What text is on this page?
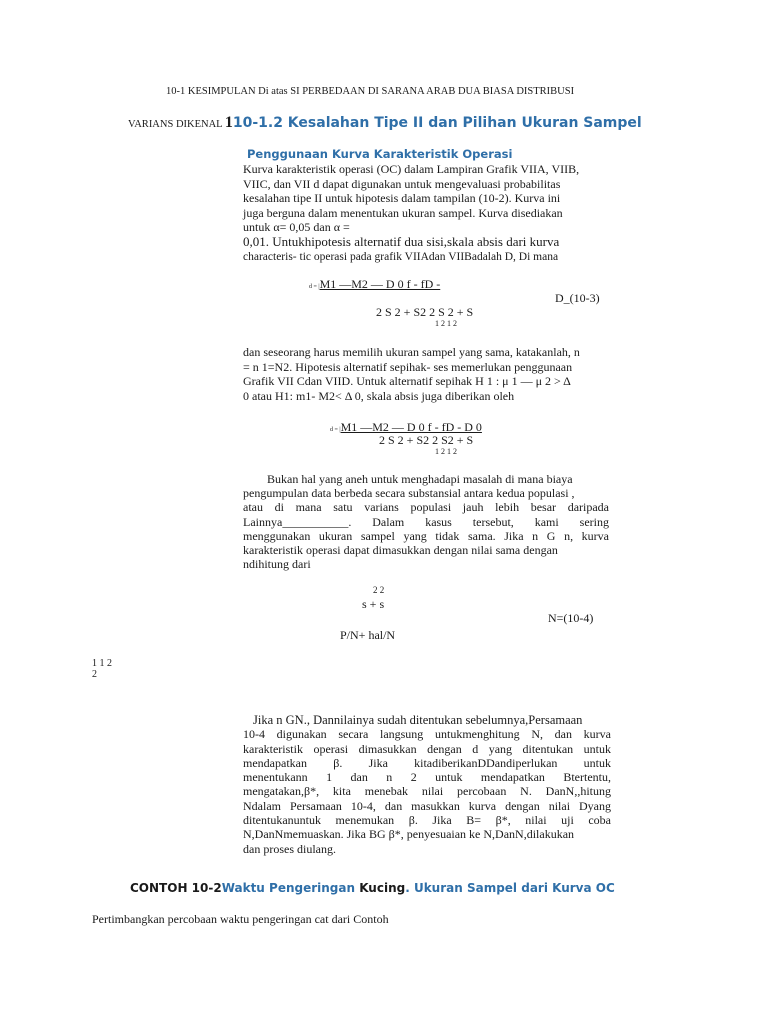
10-1 KESIMPULAN Di atas SI PERBEDAAN DI SARANA ARAB DUA BIASA DISTRIBUSI
VARIANS DIKENAL 110-1.2 Kesalahan Tipe II dan Pilihan Ukuran Sampel
Penggunaan Kurva Karakteristik Operasi
Kurva karakteristik operasi (OC) dalam Lampiran Grafik VIIA, VIIB,
VIIC, dan VII d dapat digunakan untuk mengevaluasi probabilitas
kesalahan tipe II untuk hipotesis dalam tampilan (10-2). Kurva ini
juga berguna dalam menentukan ukuran sampel. Kurva disediakan
untuk α= 0,05 dan α =
0,01. Untukhipotesis alternatif dua sisi,skala absis dari kurva
characteris- tic operasi pada grafik VIIAdan VIIBadalah D, Di mana
d = |M1 —M2 — D 0 f - fD -
D_(10-3)
2 S 2 + S2 2 S 2 + S
1 2 1 2
dan seseorang harus memilih ukuran sampel yang sama, katakanlah, n
= n 1=N2. Hipotesis alternatif sepihak- ses memerlukan penggunaan
Grafik VII Cdan VIID. Untuk alternatif sepihak H 1 : μ 1 — μ 2 > Δ
0 atau H1: m1- M2< Δ 0, skala absis juga diberikan oleh
d = |M1 —M2 — D 0 f - fD - D 0
2 S 2 + S2 2 S2 + S
1 2 1 2
Bukan hal yang aneh untuk menghadapi masalah di mana biaya
pengumpulan data berbeda secara substansial antara kedua populasi ,
atau di mana satu varians populasi jauh lebih besar daripada
Lainnya___________. Dalam kasus tersebut, kami sering
menggunakan ukuran sampel yang tidak sama. Jika n G n, kurva
karakteristik operasi dapat dimasukkan dengan nilai sama dengan
ndihitung dari
2 2
s + s
N=(10-4)
P/N+ hal/N
1 1 2
2
Jika n GN., Dannilainya sudah ditentukan sebelumnya,Persamaan
10-4 digunakan secara langsung untukmenghitung N, dan kurva
karakteristik operasi dimasukkan dengan d yang ditentukan untuk
mendapatkan β. Jika kitadiberikanDDandiperlukan untuk
menentukann 1 dan n 2 untuk mendapatkan Btertentu,
mengatakan,β*, kita menebak nilai percobaan N. DanN,,hitung
Ndalam Persamaan 10-4, dan masukkan kurva dengan nilai Dyang
ditentukanuntuk menemukan β. Jika B= β*, nilai uji coba
N,DanNmemuaskan. Jika BG β*, penyesuaian ke N,DanN,dilakukan
dan proses diulang.
CONTOH 10-2Waktu Pengeringan Kucing. Ukuran Sampel dari Kurva OC
Pertimbangkan percobaan waktu pengeringan cat dari Contoh
